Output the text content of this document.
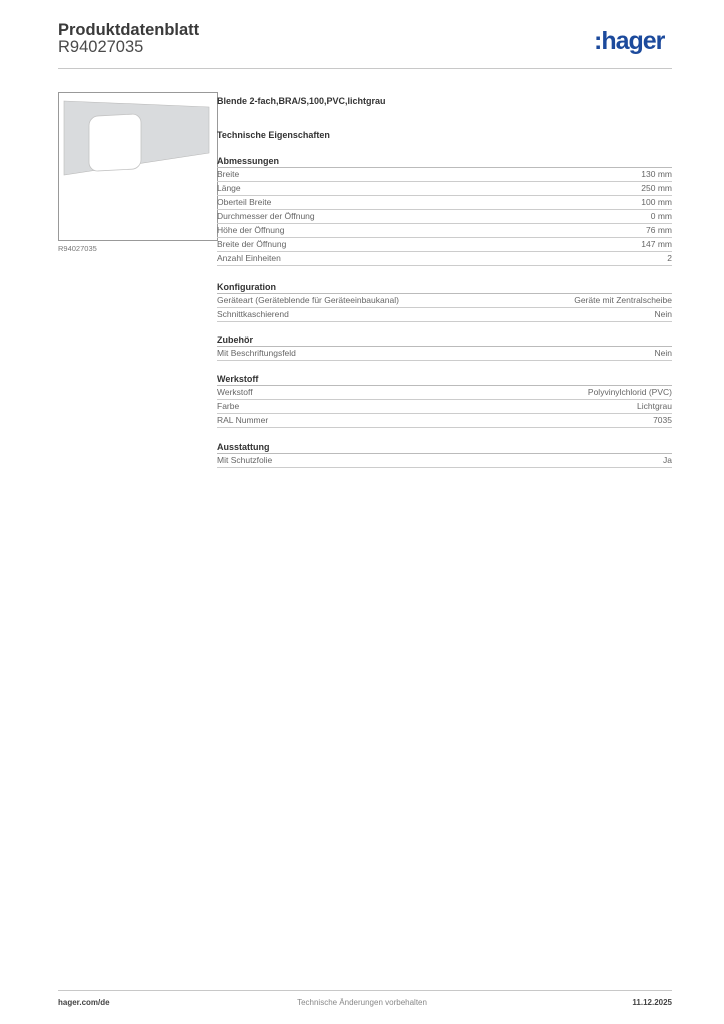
Produktdatenblatt
R94027035	:hager
R94027035
Blende 2-fach,BRA/S,100,PVC,lichtgrau
Technische Eigenschaften
Abmessungen
Breite	130 mm
Länge	250 mm
Oberteil Breite	100 mm
Durchmesser der Öffnung	0 mm
Höhe der Öffnung	76 mm
Breite der Öffnung	147 mm
Anzahl Einheiten	2
Konfiguration
Geräteart (Geräteblende für Geräteeinbaukanal)	Geräte mit Zentralscheibe
Schnittkaschierend	Nein
Zubehör
Mit Beschriftungsfeld	Nein
Werkstoff
Werkstoff	Polyvinylchlorid (PVC)
Farbe	Lichtgrau
RAL Nummer	7035
Ausstattung
Mit Schutzfolie	Ja
hager.com/de	Technische Änderungen vorbehalten	11.12.2025
